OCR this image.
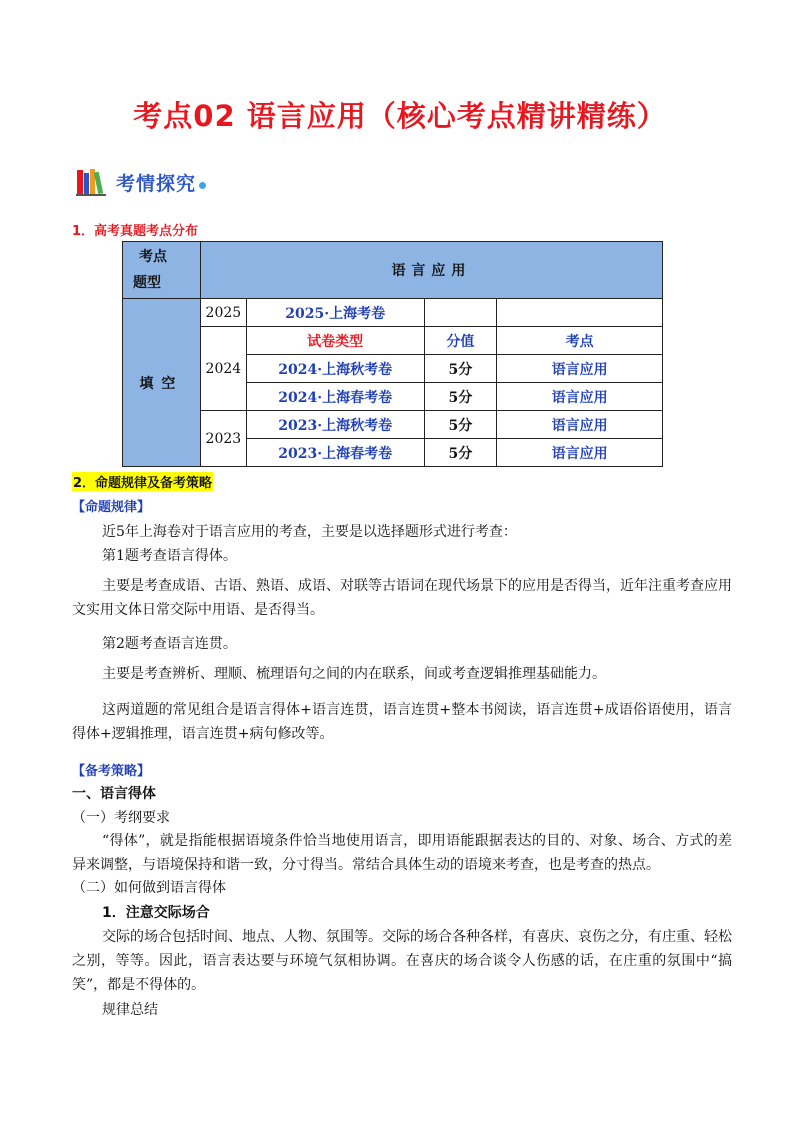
考点02 语言应用（核心考点精讲精练）
考情探究
1．高考真题考点分布
考点
题型	语言应用			
填空	2025	2025·上海考卷		
	2024	试卷类型	分值	考点
		2024·上海秋考卷	5分	语言应用
		2024·上海春考卷	5分	语言应用
	2023	2023·上海秋考卷	5分	语言应用
		2023·上海春考卷	5分	语言应用
2．命题规律及备考策略
【命题规律】
近5年上海卷对于语言应用的考查，主要是以选择题形式进行考查：
第1题考查语言得体。
主要是考查成语、古语、熟语、成语、对联等古语词在现代场景下的应用是否得当，近年注重考查应用文实用文体日常交际中用语、是否得当。
第2题考查语言连贯。
主要是考查辨析、理顺、梳理语句之间的内在联系，间或考查逻辑推理基础能力。
这两道题的常见组合是语言得体+语言连贯，语言连贯+整本书阅读，语言连贯+成语俗语使用，语言得体+逻辑推理，语言连贯+病句修改等。
【备考策略】
一、语言得体
（一）考纲要求
“得体”，就是指能根据语境条件恰当地使用语言，即用语能跟据表达的目的、对象、场合、方式的差异来调整，与语境保持和谐一致，分寸得当。常结合具体生动的语境来考查，也是考查的热点。
（二）如何做到语言得体
1．注意交际场合
交际的场合包括时间、地点、人物、氛围等。交际的场合各种各样，有喜庆、哀伤之分，有庄重、轻松之别，等等。因此，语言表达要与环境气氛相协调。在喜庆的场合谈令人伤感的话，在庄重的氛围中“搞笑”，都是不得体的。
规律总结
